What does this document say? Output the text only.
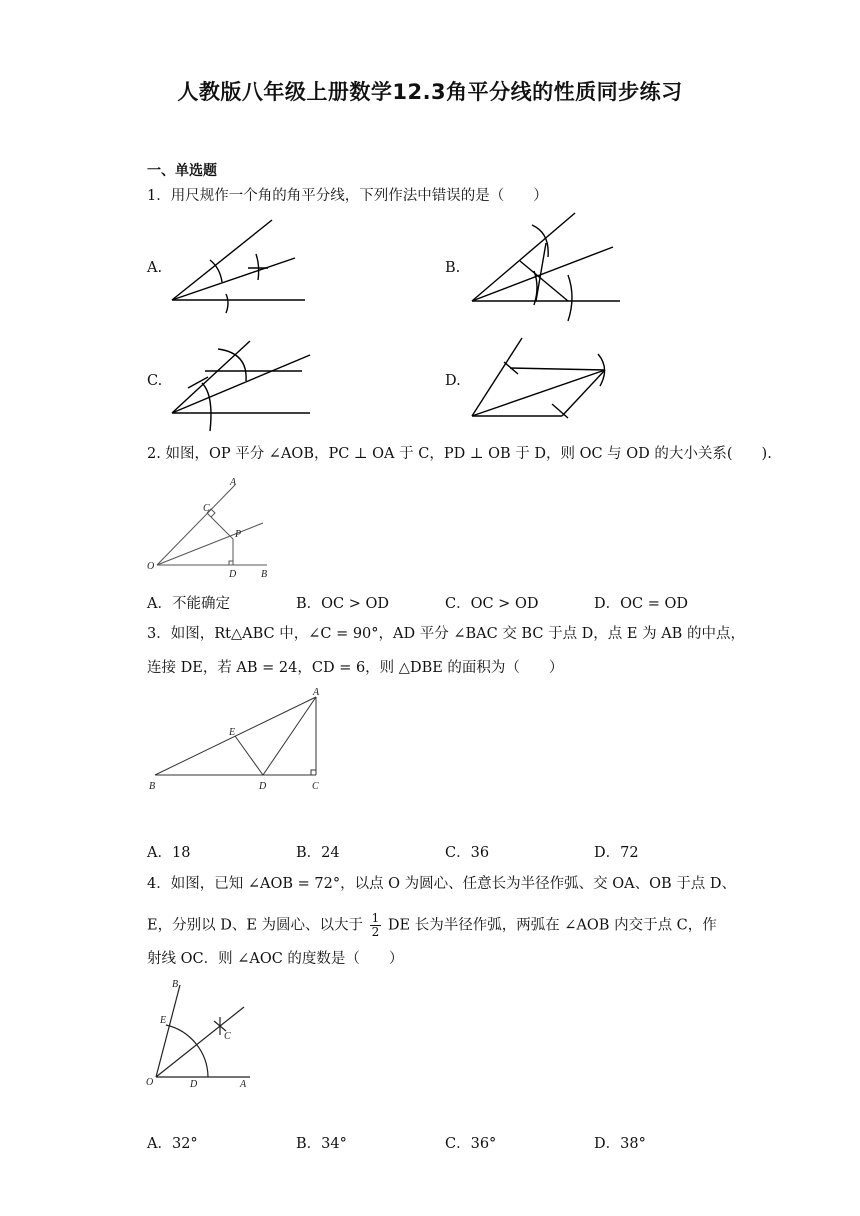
人教版八年级上册数学12.3角平分线的性质同步练习
一、单选题
1．用尺规作一个角的角平分线，下列作法中错误的是（　　）
A.	B.
C.	D.
2. 如图，OP 平分 ∠AOB，PC ⊥ OA 于 C，PD ⊥ OB 于 D，则 OC 与 OD 的大小关系(　　).
A
C
P
O
D B
A．不能确定	B．OC > OD	C．OC > OD	D．OC = OD
3．如图，Rt△ABC 中，∠C = 90°，AD 平分 ∠BAC 交 BC 于点 D，点 E 为 AB 的中点，
连接 DE，若 AB = 24，CD = 6，则 △DBE 的面积为（　　）
A
E
B	D	C
A．18	B．24	C．36	D．72
4．如图，已知 ∠AOB = 72°，以点 O 为圆心、任意长为半径作弧、交 OA、OB 于点 D、
E，分别以 D、E 为圆心、以大于 $\frac{1}{2}$ DE 长为半径作弧，两弧在 ∠AOB 内交于点 C，作
射线 OC．则 ∠AOC 的度数是（　　）
B
E
C
O	D	A
A．32°	B．34°	C．36°	D．38°
